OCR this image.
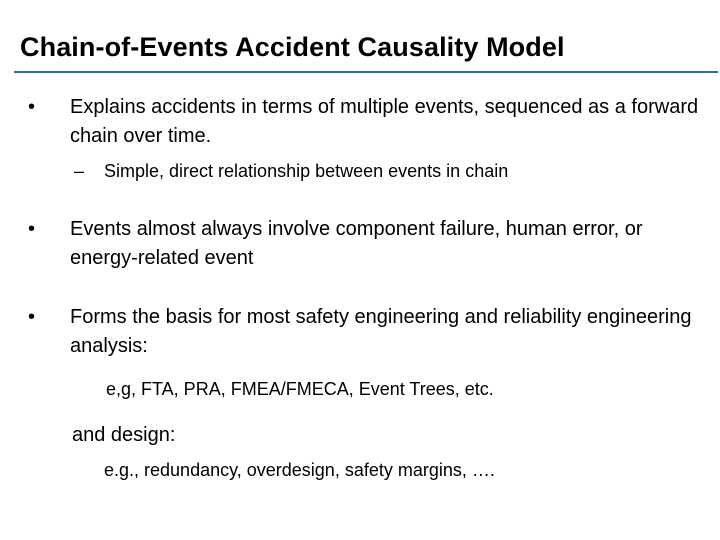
Chain-of-Events Accident Causality Model
• Explains accidents in terms of multiple events, sequenced as a forward chain over time.
– Simple, direct relationship between events in chain
• Events almost always involve component failure, human error, or energy-related event
• Forms the basis for most safety engineering and reliability engineering analysis:
e,g, FTA, PRA, FMEA/FMECA, Event Trees, etc.
and design:
e.g., redundancy, overdesign, safety margins, ….
